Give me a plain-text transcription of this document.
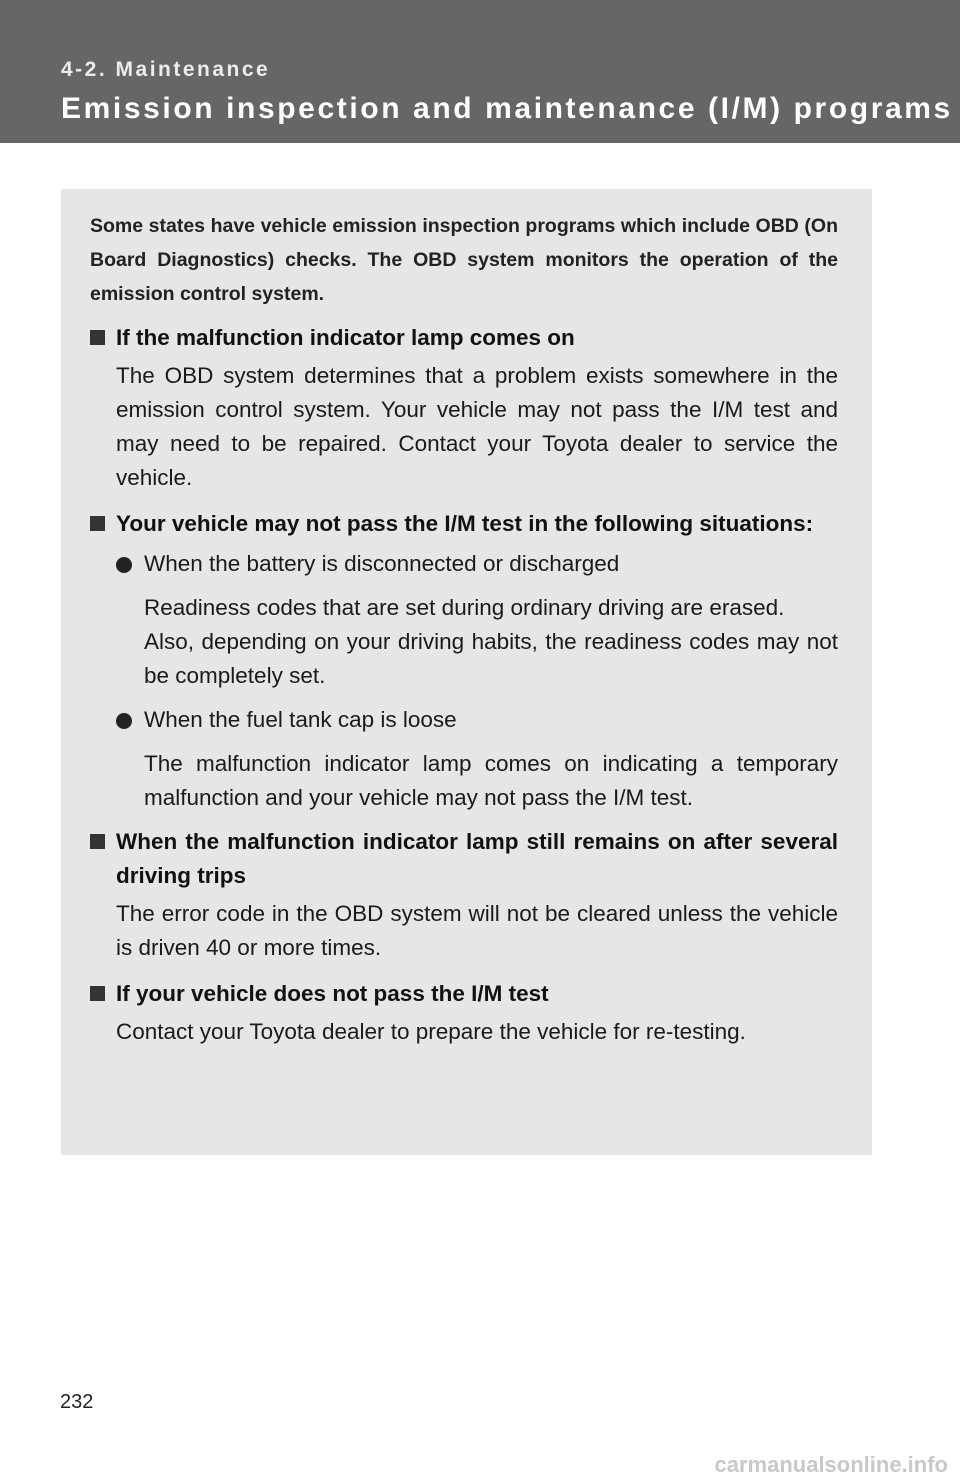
4-2. Maintenance
Emission inspection and maintenance (I/M) programs

Some states have vehicle emission inspection programs which include OBD (On Board Diagnostics) checks. The OBD system monitors the operation of the emission control system.

If the malfunction indicator lamp comes on

The OBD system determines that a problem exists somewhere in the emission control system. Your vehicle may not pass the I/M test and may need to be repaired. Contact your Toyota dealer to service the vehicle.

Your vehicle may not pass the I/M test in the following situations:

When the battery is disconnected or discharged

Readiness codes that are set during ordinary driving are erased.

Also, depending on your driving habits, the readiness codes may not be completely set.

When the fuel tank cap is loose

The malfunction indicator lamp comes on indicating a temporary malfunction and your vehicle may not pass the I/M test.

When the malfunction indicator lamp still remains on after several driving trips

The error code in the OBD system will not be cleared unless the vehicle is driven 40 or more times.

If your vehicle does not pass the I/M test

Contact your Toyota dealer to prepare the vehicle for re-testing.

232
carmanualsonline.info
